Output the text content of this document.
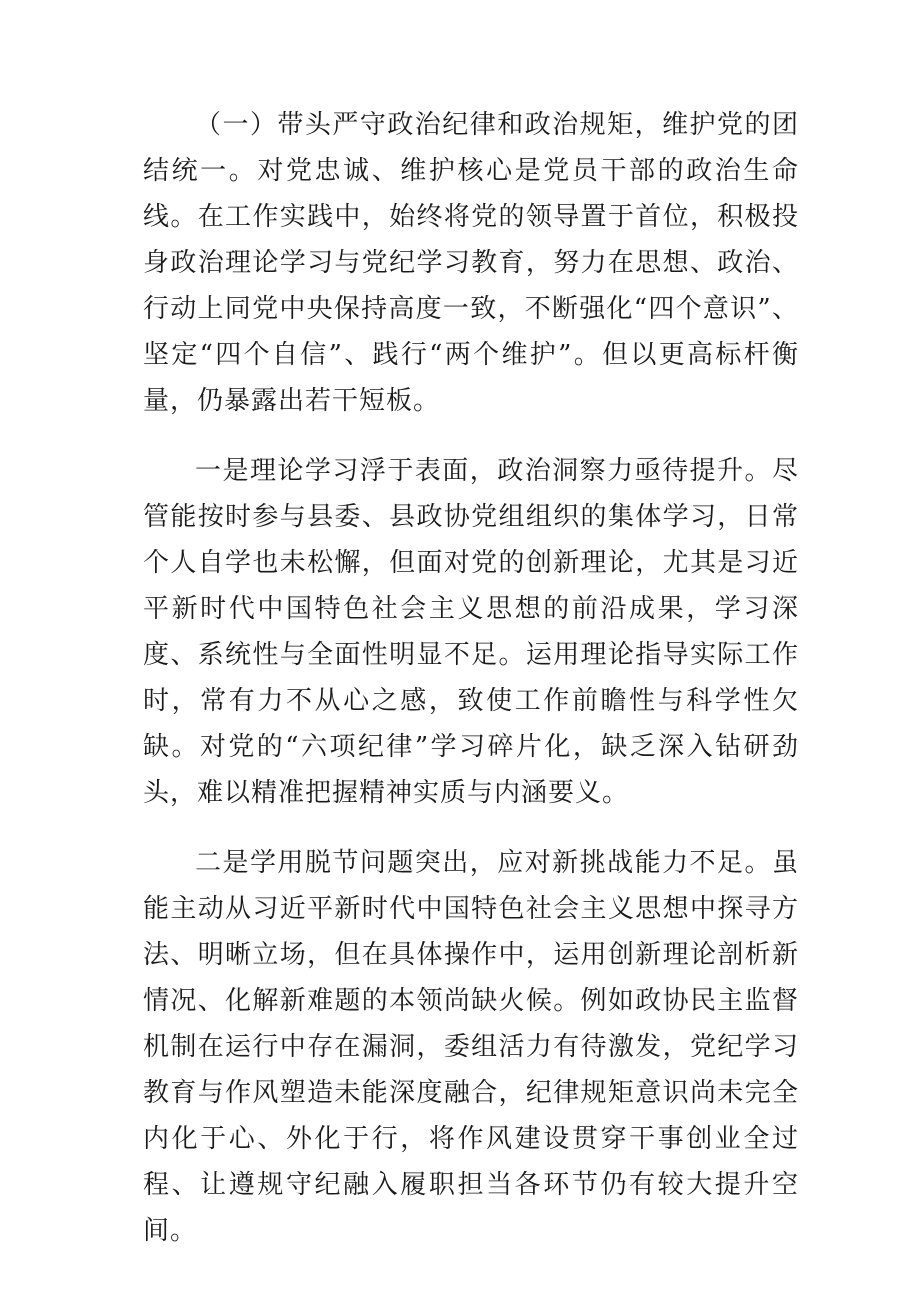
（一）带头严守政治纪律和政治规矩，维护党的团结统一。对党忠诚、维护核心是党员干部的政治生命线。在工作实践中，始终将党的领导置于首位，积极投身政治理论学习与党纪学习教育，努力在思想、政治、行动上同党中央保持高度一致，不断强化“四个意识”、坚定“四个自信”、践行“两个维护”。但以更高标杆衡量，仍暴露出若干短板。

一是理论学习浮于表面，政治洞察力亟待提升。尽管能按时参与县委、县政协党组组织的集体学习，日常个人自学也未松懈，但面对党的创新理论，尤其是习近平新时代中国特色社会主义思想的前沿成果，学习深度、系统性与全面性明显不足。运用理论指导实际工作时，常有力不从心之感，致使工作前瞻性与科学性欠缺。对党的“六项纪律”学习碎片化，缺乏深入钻研劲头，难以精准把握精神实质与内涵要义。

二是学用脱节问题突出，应对新挑战能力不足。虽能主动从习近平新时代中国特色社会主义思想中探寻方法、明晰立场，但在具体操作中，运用创新理论剖析新情况、化解新难题的本领尚缺火候。例如政协民主监督机制在运行中存在漏洞，委组活力有待激发，党纪学习教育与作风塑造未能深度融合，纪律规矩意识尚未完全内化于心、外化于行，将作风建设贯穿干事创业全过程、让遵规守纪融入履职担当各环节仍有较大提升空间。
